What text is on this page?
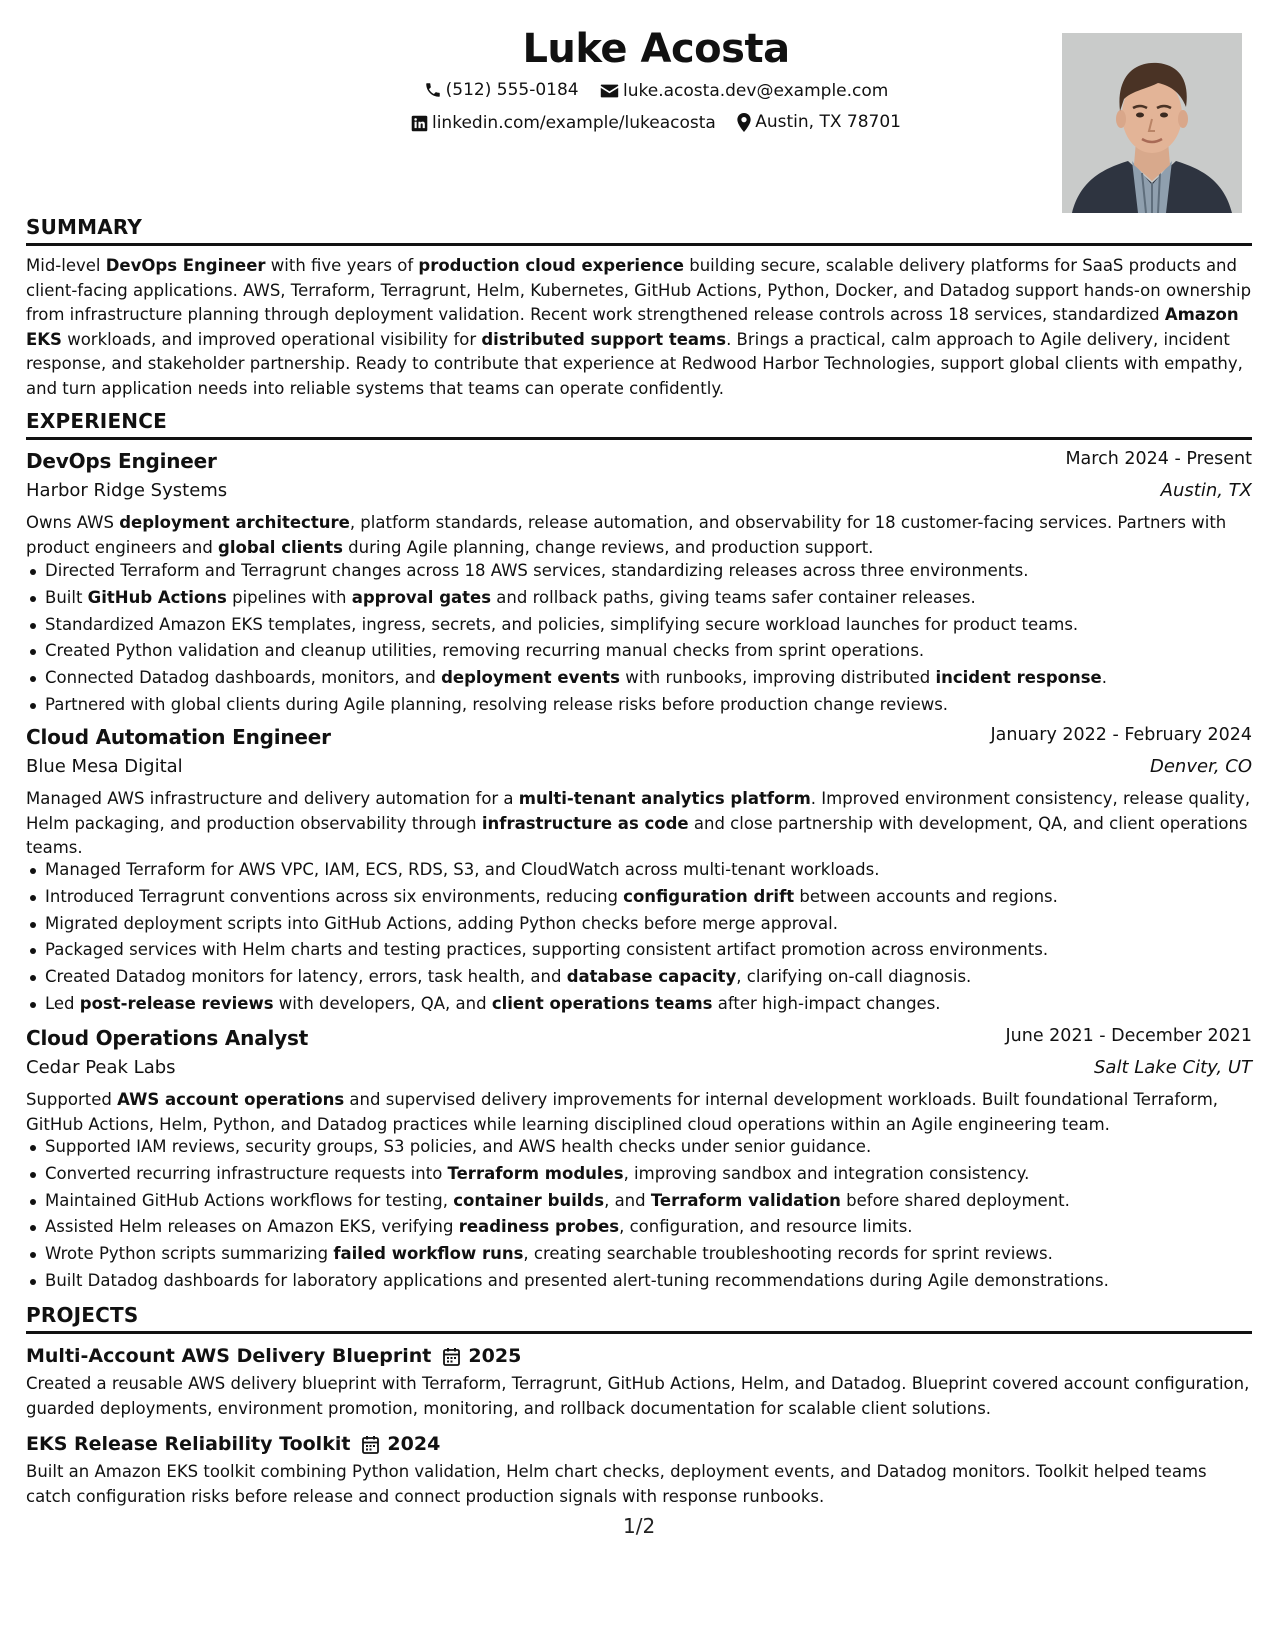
Luke Acosta
(512) 555-0184
	luke.acosta.dev@example.com
linkedin.com/example/lukeacosta
Austin, TX 78701
SUMMARY
Mid-level DevOps Engineer with five years of production cloud experience building secure, scalable delivery platforms for SaaS products and client-facing applications. AWS, Terraform, Terragrunt, Helm, Kubernetes, GitHub Actions, Python, Docker, and Datadog support hands-on ownership from infrastructure planning through deployment validation. Recent work strengthened release controls across 18 services, standardized Amazon EKS workloads, and improved operational visibility for distributed support teams. Brings a practical, calm approach to Agile delivery, incident response, and stakeholder partnership. Ready to contribute that experience at Redwood Harbor Technologies, support global clients with empathy, and turn application needs into reliable systems that teams can operate confidently.
EXPERIENCE
DevOps Engineer	March 2024 - Present
Harbor Ridge Systems	Austin, TX
Owns AWS deployment architecture, platform standards, release automation, and observability for 18 customer-facing services. Partners with product engineers and global clients during Agile planning, change reviews, and production support.
Directed Terraform and Terragrunt changes across 18 AWS services, standardizing releases across three environments.
Built GitHub Actions pipelines with approval gates and rollback paths, giving teams safer container releases.
Standardized Amazon EKS templates, ingress, secrets, and policies, simplifying secure workload launches for product teams.
Created Python validation and cleanup utilities, removing recurring manual checks from sprint operations.
Connected Datadog dashboards, monitors, and deployment events with runbooks, improving distributed incident response.
Partnered with global clients during Agile planning, resolving release risks before production change reviews.
Cloud Automation Engineer	January 2022 - February 2024
Blue Mesa Digital	Denver, CO
Managed AWS infrastructure and delivery automation for a multi-tenant analytics platform. Improved environment consistency, release quality, Helm packaging, and production observability through infrastructure as code and close partnership with development, QA, and client operations teams.
Managed Terraform for AWS VPC, IAM, ECS, RDS, S3, and CloudWatch across multi-tenant workloads.
Introduced Terragrunt conventions across six environments, reducing configuration drift between accounts and regions.
Migrated deployment scripts into GitHub Actions, adding Python checks before merge approval.
Packaged services with Helm charts and testing practices, supporting consistent artifact promotion across environments.
Created Datadog monitors for latency, errors, task health, and database capacity, clarifying on-call diagnosis.
Led post-release reviews with developers, QA, and client operations teams after high-impact changes.
Cloud Operations Analyst	June 2021 - December 2021
Cedar Peak Labs	Salt Lake City, UT
Supported AWS account operations and supervised delivery improvements for internal development workloads. Built foundational Terraform, GitHub Actions, Helm, Python, and Datadog practices while learning disciplined cloud operations within an Agile engineering team.
Supported IAM reviews, security groups, S3 policies, and AWS health checks under senior guidance.
Converted recurring infrastructure requests into Terraform modules, improving sandbox and integration consistency.
Maintained GitHub Actions workflows for testing, container builds, and Terraform validation before shared deployment.
Assisted Helm releases on Amazon EKS, verifying readiness probes, configuration, and resource limits.
Wrote Python scripts summarizing failed workflow runs, creating searchable troubleshooting records for sprint reviews.
Built Datadog dashboards for laboratory applications and presented alert-tuning recommendations during Agile demonstrations.
PROJECTS
Multi-Account AWS Delivery Blueprint 2025
Created a reusable AWS delivery blueprint with Terraform, Terragrunt, GitHub Actions, Helm, and Datadog. Blueprint covered account configuration, guarded deployments, environment promotion, monitoring, and rollback documentation for scalable client solutions.
EKS Release Reliability Toolkit 2024
Built an Amazon EKS toolkit combining Python validation, Helm chart checks, deployment events, and Datadog monitors. Toolkit helped teams catch configuration risks before release and connect production signals with response runbooks.
1/2
